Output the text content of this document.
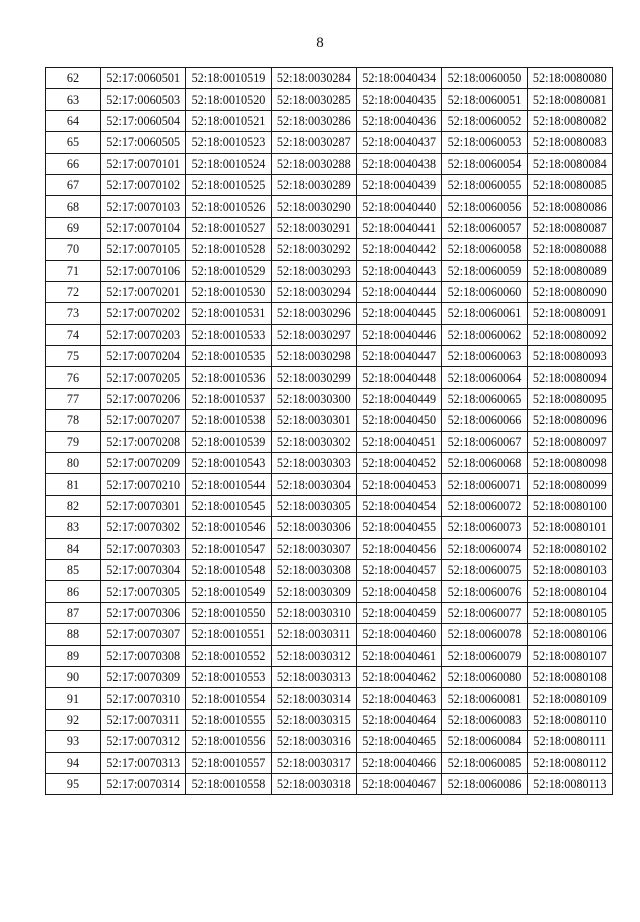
8
62	52:17:0060501	52:18:0010519	52:18:0030284	52:18:0040434	52:18:0060050	52:18:0080080
63	52:17:0060503	52:18:0010520	52:18:0030285	52:18:0040435	52:18:0060051	52:18:0080081
64	52:17:0060504	52:18:0010521	52:18:0030286	52:18:0040436	52:18:0060052	52:18:0080082
65	52:17:0060505	52:18:0010523	52:18:0030287	52:18:0040437	52:18:0060053	52:18:0080083
66	52:17:0070101	52:18:0010524	52:18:0030288	52:18:0040438	52:18:0060054	52:18:0080084
67	52:17:0070102	52:18:0010525	52:18:0030289	52:18:0040439	52:18:0060055	52:18:0080085
68	52:17:0070103	52:18:0010526	52:18:0030290	52:18:0040440	52:18:0060056	52:18:0080086
69	52:17:0070104	52:18:0010527	52:18:0030291	52:18:0040441	52:18:0060057	52:18:0080087
70	52:17:0070105	52:18:0010528	52:18:0030292	52:18:0040442	52:18:0060058	52:18:0080088
71	52:17:0070106	52:18:0010529	52:18:0030293	52:18:0040443	52:18:0060059	52:18:0080089
72	52:17:0070201	52:18:0010530	52:18:0030294	52:18:0040444	52:18:0060060	52:18:0080090
73	52:17:0070202	52:18:0010531	52:18:0030296	52:18:0040445	52:18:0060061	52:18:0080091
74	52:17:0070203	52:18:0010533	52:18:0030297	52:18:0040446	52:18:0060062	52:18:0080092
75	52:17:0070204	52:18:0010535	52:18:0030298	52:18:0040447	52:18:0060063	52:18:0080093
76	52:17:0070205	52:18:0010536	52:18:0030299	52:18:0040448	52:18:0060064	52:18:0080094
77	52:17:0070206	52:18:0010537	52:18:0030300	52:18:0040449	52:18:0060065	52:18:0080095
78	52:17:0070207	52:18:0010538	52:18:0030301	52:18:0040450	52:18:0060066	52:18:0080096
79	52:17:0070208	52:18:0010539	52:18:0030302	52:18:0040451	52:18:0060067	52:18:0080097
80	52:17:0070209	52:18:0010543	52:18:0030303	52:18:0040452	52:18:0060068	52:18:0080098
81	52:17:0070210	52:18:0010544	52:18:0030304	52:18:0040453	52:18:0060071	52:18:0080099
82	52:17:0070301	52:18:0010545	52:18:0030305	52:18:0040454	52:18:0060072	52:18:0080100
83	52:17:0070302	52:18:0010546	52:18:0030306	52:18:0040455	52:18:0060073	52:18:0080101
84	52:17:0070303	52:18:0010547	52:18:0030307	52:18:0040456	52:18:0060074	52:18:0080102
85	52:17:0070304	52:18:0010548	52:18:0030308	52:18:0040457	52:18:0060075	52:18:0080103
86	52:17:0070305	52:18:0010549	52:18:0030309	52:18:0040458	52:18:0060076	52:18:0080104
87	52:17:0070306	52:18:0010550	52:18:0030310	52:18:0040459	52:18:0060077	52:18:0080105
88	52:17:0070307	52:18:0010551	52:18:0030311	52:18:0040460	52:18:0060078	52:18:0080106
89	52:17:0070308	52:18:0010552	52:18:0030312	52:18:0040461	52:18:0060079	52:18:0080107
90	52:17:0070309	52:18:0010553	52:18:0030313	52:18:0040462	52:18:0060080	52:18:0080108
91	52:17:0070310	52:18:0010554	52:18:0030314	52:18:0040463	52:18:0060081	52:18:0080109
92	52:17:0070311	52:18:0010555	52:18:0030315	52:18:0040464	52:18:0060083	52:18:0080110
93	52:17:0070312	52:18:0010556	52:18:0030316	52:18:0040465	52:18:0060084	52:18:0080111
94	52:17:0070313	52:18:0010557	52:18:0030317	52:18:0040466	52:18:0060085	52:18:0080112
95	52:17:0070314	52:18:0010558	52:18:0030318	52:18:0040467	52:18:0060086	52:18:0080113
